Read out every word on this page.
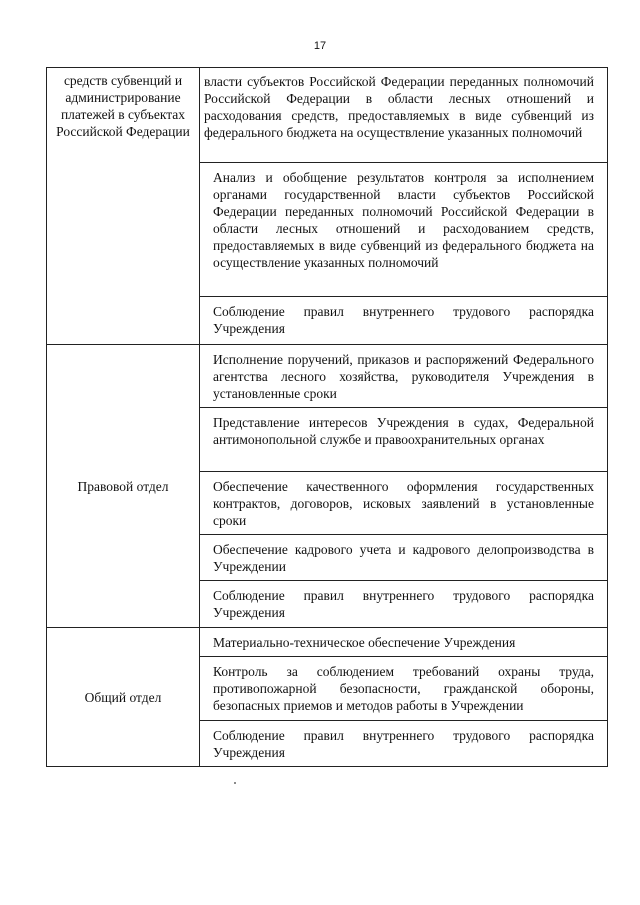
17
средств субвенций и администрирование платежей в субъектах Российской Федерации	власти субъектов Российской Федерации переданных полномочий Российской Федерации в области лесных отношений и расходования средств, предоставляемых в виде субвенций из федерального бюджета на осуществление указанных полномочий

	Анализ и обобщение результатов контроля за исполнением органами государственной власти субъектов Российской Федерации переданных полномочий Российской Федерации в области лесных отношений и расходованием средств, предоставляемых в виде субвенций из федерального бюджета на осуществление указанных полномочий

	Соблюдение правил внутреннего трудового распорядка Учреждения

Правовой отдел	Исполнение поручений, приказов и распоряжений Федерального агентства лесного хозяйства, руководителя Учреждения в установленные сроки

	Представление интересов Учреждения в судах, Федеральной антимонопольной службе и правоохранительных органах

	Обеспечение качественного оформления государственных контрактов, договоров, исковых заявлений в установленные сроки

	Обеспечение кадрового учета и кадрового делопроизводства в Учреждении

	Соблюдение правил внутреннего трудового распорядка Учреждения

Общий отдел	Материально-техническое обеспечение Учреждения

	Контроль за соблюдением требований охраны труда, противопожарной безопасности, гражданской обороны, безопасных приемов и методов работы в Учреждении

	Соблюдение правил внутреннего трудового распорядка Учреждения
